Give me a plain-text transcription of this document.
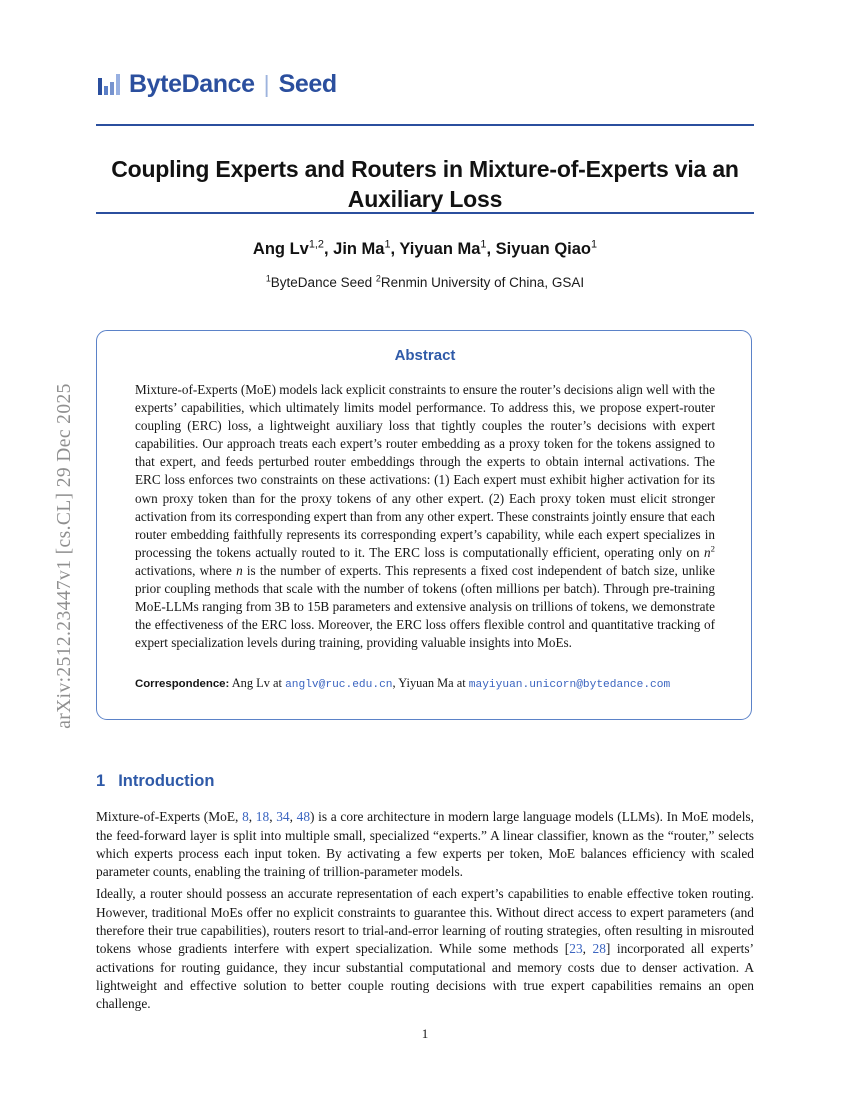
arXiv:2512.23447v1 [cs.CL] 29 Dec 2025
ByteDance | Seed
Coupling Experts and Routers in Mixture-of-Experts via an Auxiliary Loss
Ang Lv$^{1,2}$, Jin Ma$^1$, Yiyuan Ma$^1$, Siyuan Qiao$^1$
$^1$ByteDance Seed $^2$Renmin University of China, GSAI
Abstract
Mixture-of-Experts (MoE) models lack explicit constraints to ensure the router’s decisions align well with the experts’ capabilities, which ultimately limits model performance. To address this, we propose expert-router coupling (ERC) loss, a lightweight auxiliary loss that tightly couples the router’s decisions with expert capabilities. Our approach treats each expert’s router embedding as a proxy token for the tokens assigned to that expert, and feeds perturbed router embeddings through the experts to obtain internal activations. The ERC loss enforces two constraints on these activations: (1) Each expert must exhibit higher activation for its own proxy token than for the proxy tokens of any other expert. (2) Each proxy token must elicit stronger activation from its corresponding expert than from any other expert. These constraints jointly ensure that each router embedding faithfully represents its corresponding expert’s capability, while each expert specializes in processing the tokens actually routed to it. The ERC loss is computationally efficient, operating only on $n^2$ activations, where n is the number of experts. This represents a fixed cost independent of batch size, unlike prior coupling methods that scale with the number of tokens (often millions per batch). Through pre-training MoE-LLMs ranging from 3B to 15B parameters and extensive analysis on trillions of tokens, we demonstrate the effectiveness of the ERC loss. Moreover, the ERC loss offers flexible control and quantitative tracking of expert specialization levels during training, providing valuable insights into MoEs.
Correspondence: Ang Lv at anglv@ruc.edu.cn, Yiyuan Ma at mayiyuan.unicorn@bytedance.com
1 Introduction

Mixture-of-Experts (MoE, 8, 18, 34, 48) is a core architecture in modern large language models (LLMs). In MoE models, the feed-forward layer is split into multiple small, specialized “experts.” A linear classifier, known as the “router,” selects which experts process each input token. By activating a few experts per token, MoE balances efficiency with scaled parameter counts, enabling the training of trillion-parameter models.

Ideally, a router should possess an accurate representation of each expert’s capabilities to enable effective token routing. However, traditional MoEs offer no explicit constraints to guarantee this. Without direct access to expert parameters (and therefore their true capabilities), routers resort to trial-and-error learning of routing strategies, often resulting in misrouted tokens whose gradients interfere with expert specialization. While some methods [23, 28] incorporated all experts’ activations for routing guidance, they incur substantial computational and memory costs due to denser activation. A lightweight and effective solution to better couple routing decisions with true expert capabilities remains an open challenge.

1
